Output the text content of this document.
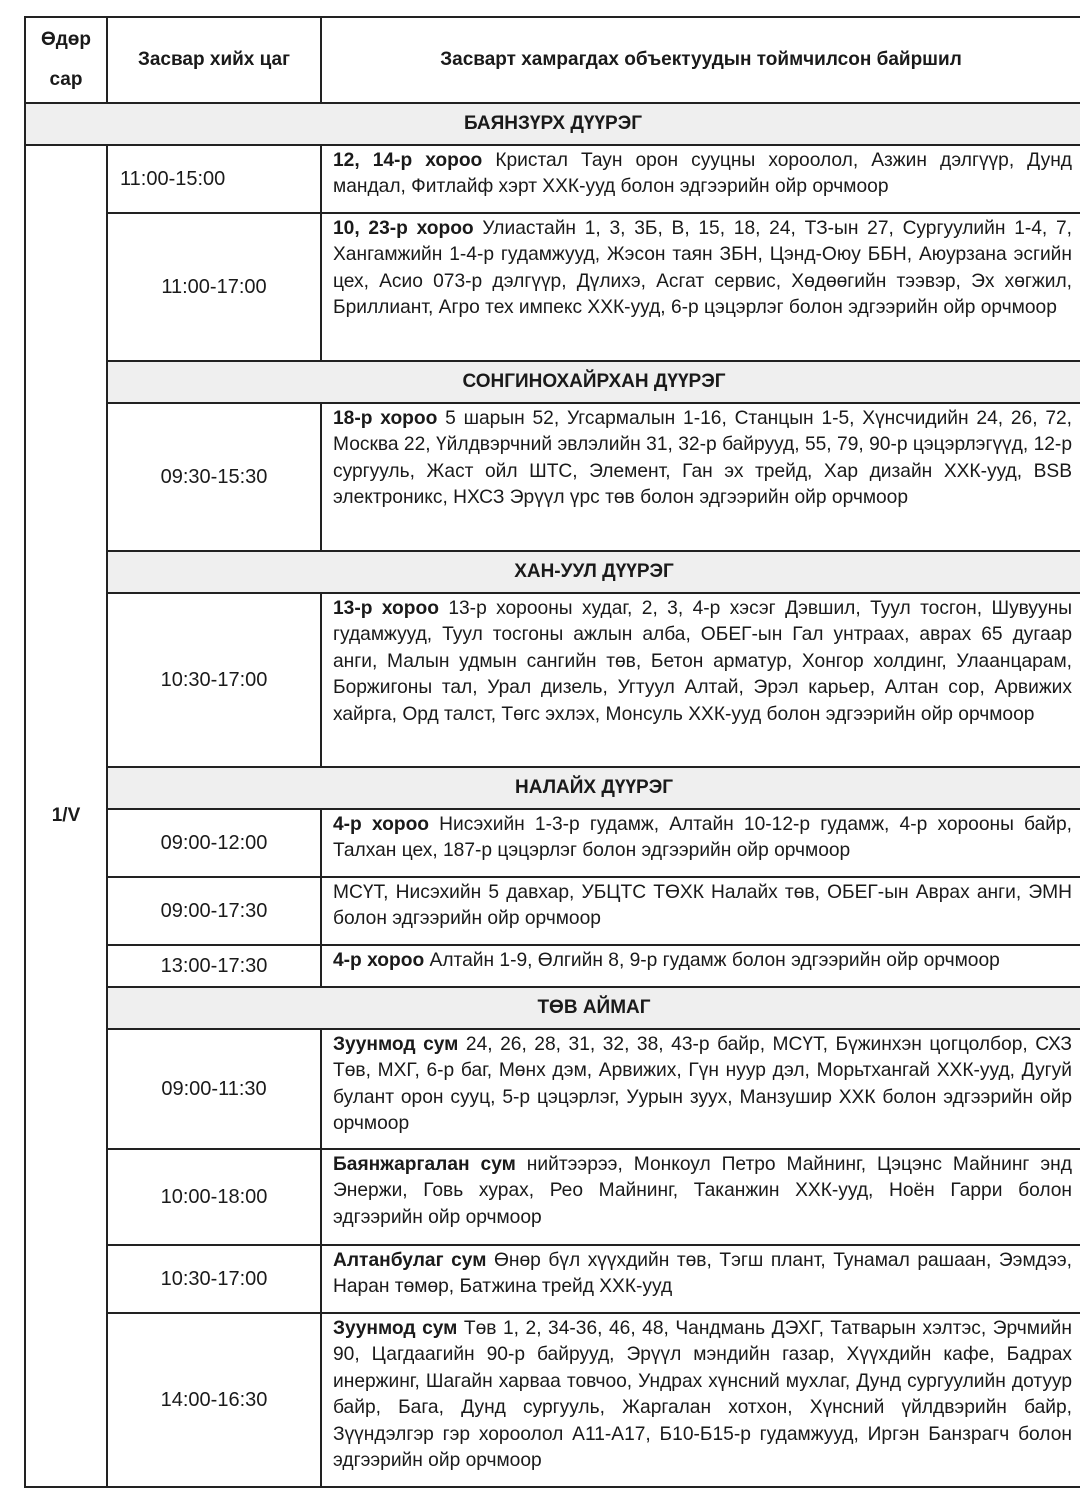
Өдөр
сар	Засвар хийх цаг	Засварт хамрагдах объектуудын тоймчилсон байршил
БАЯНЗҮРХ ДҮҮРЭГ		
1/V	11:00-15:00	12, 14-р хороо Кристал Таун орон сууцны хороолол, Азжин дэлгүүр, Дунд мандал, Фитлайф хэрт ХХК-ууд болон эдгээрийн ойр орчмоор
	11:00-17:00	10, 23-р хороо Улиастайн 1, 3, 3Б, В, 15, 18, 24, ТЗ-ын 27, Сургуулийн 1-4, 7, Хангамжийн 1-4-р гудамжууд, Жэсон таян ЗБН, Цэнд-Оюу ББН, Аюурзана эсгийн цех, Асио 073-р дэлгүүр, Дүлихэ, Асгат сервис, Хөдөөгийн тээвэр, Эх хөгжил, Бриллиант, Агро тех импекс ХХК-ууд, 6-р цэцэрлэг болон эдгээрийн ойр орчмоор
	СОНГИНОХАЙРХАН ДҮҮРЭГ	
	09:30-15:30	18-р хороо 5 шарын 52, Угсармалын 1-16, Станцын 1-5, Хүнсчидийн 24, 26, 72, Москва 22, Үйлдвэрчний эвлэлийн 31, 32-р байрууд, 55, 79, 90-р цэцэрлэгүүд, 12-р сургууль, Жаст ойл ШТС, Элемент, Ган эх трейд, Хар дизайн ХХК-ууд, BSB электроникс, НХСЗ Эрүүл үрс төв болон эдгээрийн ойр орчмоор
	ХАН-УУЛ ДҮҮРЭГ	
	10:30-17:00	13-р хороо 13-р хорооны худаг, 2, 3, 4-р хэсэг Дэвшил, Туул тосгон, Шувууны гудамжууд, Туул тосгоны ажлын алба, ОБЕГ-ын Гал унтраах, аврах 65 дугаар анги, Малын удмын сангийн төв, Бетон арматур, Хонгор холдинг, Улаанцарам, Боржигоны тал, Урал дизель, Угтуул Алтай, Эрэл карьер, Алтан сор, Арвижих хайрга, Орд талст, Төгс эхлэх, Монсуль ХХК-ууд болон эдгээрийн ойр орчмоор
	НАЛАЙХ ДҮҮРЭГ	
	09:00-12:00	4-р хороо Нисэхийн 1-3-р гудамж, Алтайн 10-12-р гудамж, 4-р хорооны байр, Талхан цех, 187-р цэцэрлэг болон эдгээрийн ойр орчмоор
	09:00-17:30	МСҮТ, Нисэхийн 5 давхар, УБЦТС ТӨХК Налайх төв, ОБЕГ-ын Аврах анги, ЭМН болон эдгээрийн ойр орчмоор
	13:00-17:30	4-р хороо Алтайн 1-9, Өлгийн 8, 9-р гудамж болон эдгээрийн ойр орчмоор
	ТӨВ АЙМАГ	
	09:00-11:30	Зуунмод сум 24, 26, 28, 31, 32, 38, 43-р байр, МСҮТ, Бүжинхэн цогцолбор, СХЗ Төв, МХГ, 6-р баг, Мөнх дэм, Арвижих, Гүн нуур дэл, Морьтхангай ХХК-ууд, Дугуй булант орон сууц, 5-р цэцэрлэг, Уурын зуух, Манзушир ХХК болон эдгээрийн ойр орчмоор
	10:00-18:00	Баянжаргалан сум нийтээрээ, Монкоул Петро Майнинг, Цэцэнс Майнинг энд Энержи, Говь хурах, Рео Майнинг, Таканжин ХХК-ууд, Ноён Гарри болон эдгээрийн ойр орчмоор
	10:30-17:00	Алтанбулаг сум Өнөр бүл хүүхдийн төв, Тэгш плант, Тунамал рашаан, Ээмдээ, Наран төмөр, Батжина трейд ХХК-ууд
	14:00-16:30	Зуунмод сум Төв 1, 2, 34-36, 46, 48, Чандмань ДЭХГ, Татварын хэлтэс, Эрчмийн 90, Цагдаагийн 90-р байрууд, Эрүүл мэндийн газар, Хүүхдийн кафе, Бадрах инержинг, Шагайн харваа товчоо, Ундрах хүнсний мухлаг, Дунд сургуулийн дотуур байр, Бага, Дунд сургууль, Жаргалан хотхон, Хүнсний үйлдвэрийн байр, Зүүндэлгэр гэр хороолол А11-А17, Б10-Б15-р гудамжууд, Иргэн Банзрагч болон эдгээрийн ойр орчмоор
